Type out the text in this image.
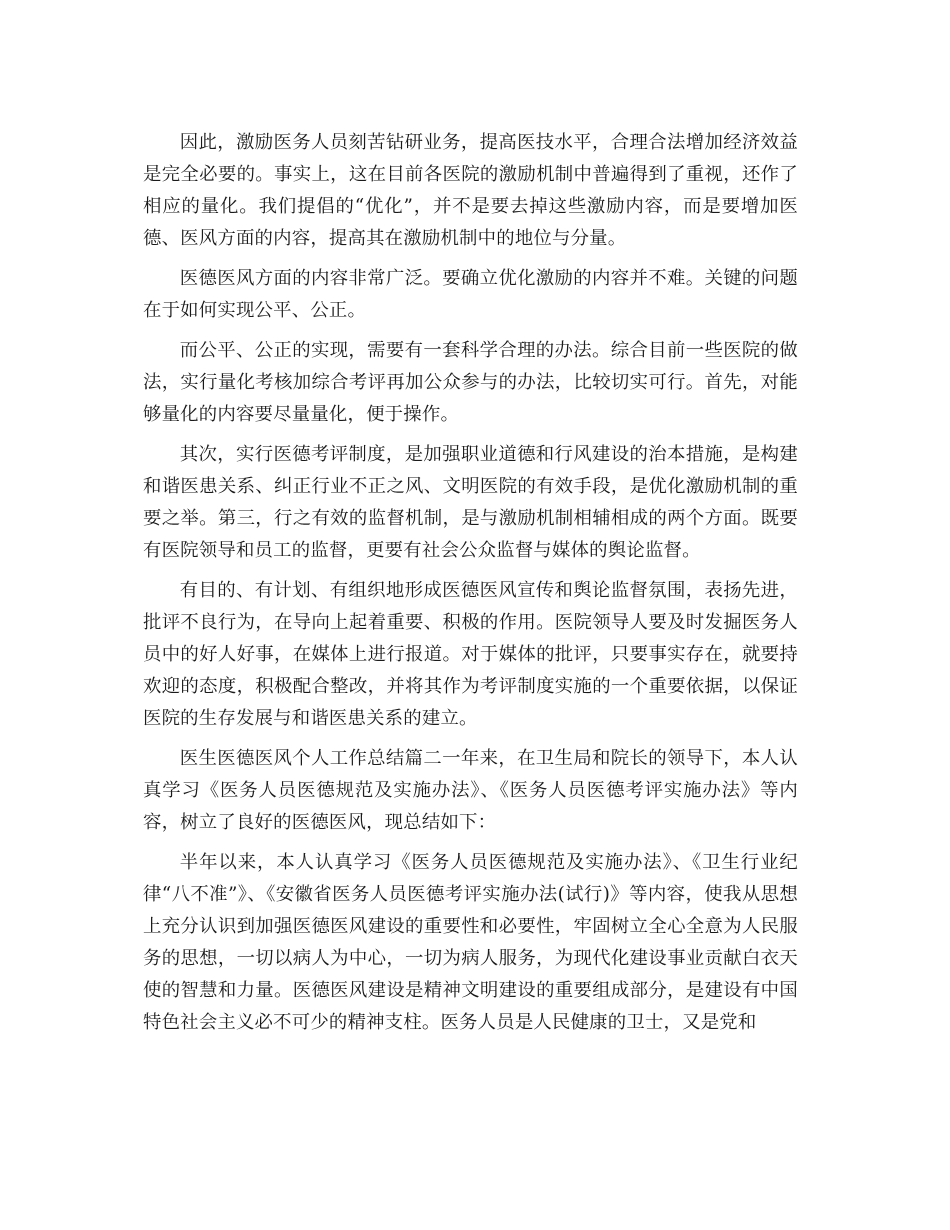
因此，激励医务人员刻苦钻研业务，提高医技水平，合理合法增加经济效益是完全必要的。事实上，这在目前各医院的激励机制中普遍得到了重视，还作了相应的量化。我们提倡的“优化”，并不是要去掉这些激励内容，而是要增加医德、医风方面的内容，提高其在激励机制中的地位与分量。

医德医风方面的内容非常广泛。要确立优化激励的内容并不难。关键的问题在于如何实现公平、公正。

而公平、公正的实现，需要有一套科学合理的办法。综合目前一些医院的做法，实行量化考核加综合考评再加公众参与的办法，比较切实可行。首先，对能够量化的内容要尽量量化，便于操作。

其次，实行医德考评制度，是加强职业道德和行风建设的治本措施，是构建和谐医患关系、纠正行业不正之风、文明医院的有效手段，是优化激励机制的重要之举。第三，行之有效的监督机制，是与激励机制相辅相成的两个方面。既要有医院领导和员工的监督，更要有社会公众监督与媒体的舆论监督。

有目的、有计划、有组织地形成医德医风宣传和舆论监督氛围，表扬先进，批评不良行为，在导向上起着重要、积极的作用。医院领导人要及时发掘医务人员中的好人好事，在媒体上进行报道。对于媒体的批评，只要事实存在，就要持欢迎的态度，积极配合整改，并将其作为考评制度实施的一个重要依据，以保证医院的生存发展与和谐医患关系的建立。

医生医德医风个人工作总结篇二一年来，在卫生局和院长的领导下，本人认真学习《医务人员医德规范及实施办法》、《医务人员医德考评实施办法》等内容，树立了良好的医德医风，现总结如下：

半年以来，本人认真学习《医务人员医德规范及实施办法》、《卫生行业纪律“八不准”》、《安徽省医务人员医德考评实施办法(试行)》等内容，使我从思想上充分认识到加强医德医风建设的重要性和必要性，牢固树立全心全意为人民服务的思想，一切以病人为中心，一切为病人服务，为现代化建设事业贡献白衣天使的智慧和力量。医德医风建设是精神文明建设的重要组成部分，是建设有中国特色社会主义必不可少的精神支柱。医务人员是人民健康的卫士，又是党和
